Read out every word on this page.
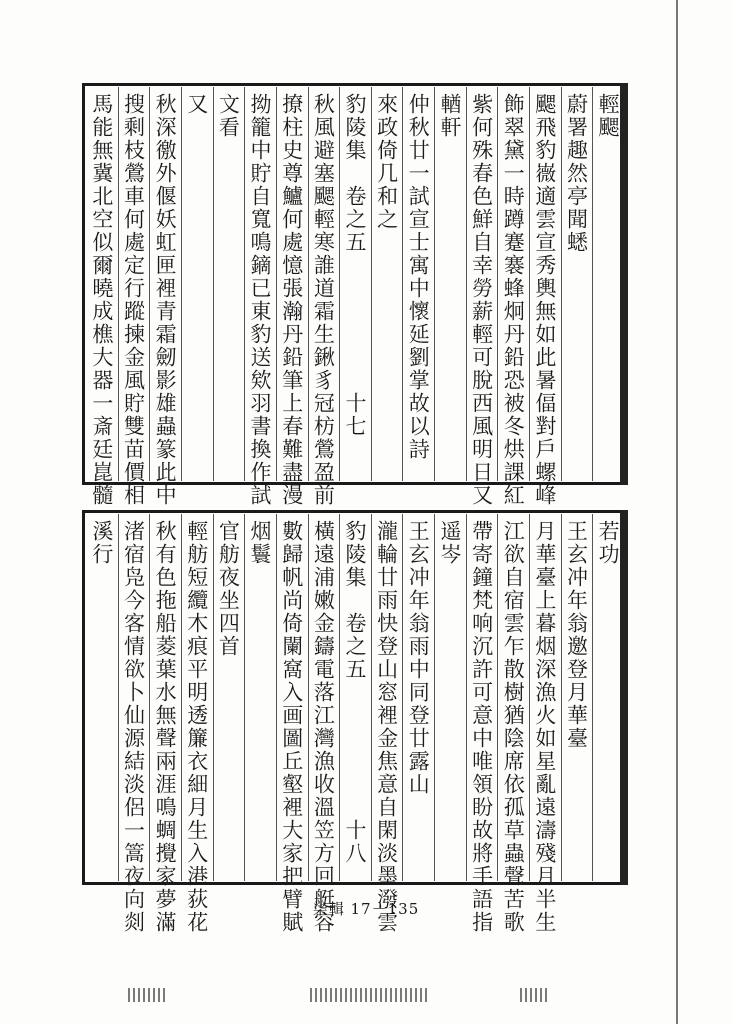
輕颸
蔚署趣然亭聞蟋
颸飛豹嶶適雲宣秀輿無如此暑偪對戶螺峰
飾翠黛一時蹲蹇褰蜂炯丹鉛恐被冬烘課紅
紫何殊春色鮮自幸勞薪輕可脫西風明日又
輶軒
仲秋廿一試宣士寓中懷延劉掌故以詩
來政倚几和之
豹陵集　卷之五　　　　　　十七
秋風避塞颸輕寒誰道霜生鍬豸冠枋鶯盈前
撩柱史尊鱸何處憶張瀚丹鉛筆上春難盡漫
拗籠中貯自寬鳴鏑已東豹送欸羽書換作試
文看
又
秋深徼外偃妖虹匣裡青霜劒影雄蟲篆此中
搜剩枝鶯車何處定行蹤揀金風貯雙苗價相
馬能無冀北空似爾曉成樵大器一斎廷崑髓
若功
王玄冲年翁邀登月華臺
月華臺上暮烟深漁火如星亂遠濤殘月半生
江欲自宿雲乍散樹猶陰席依孤草蟲聲苦歌
帶寄鐘梵响沉許可意中唯領盼故將手語指
遥岑
王玄冲年翁雨中同登廿露山
瀧輪廿雨快登山窓裡金焦意自閑淡墨潑雲
豹陵集　卷之五　　　　　　十八
橫遠浦嫩金鑄電落江灣漁收溫笠方回艇容
數歸帆尚倚闌窩入画圖丘壑裡大家把臂賦
烟鬟
官舫夜坐四首
輕舫短纜木痕平明透簾衣細月生入港荻花
秋有色拖船菱葉水無聲兩涯鳴蜩攪家夢滿
渚宿凫今客情欲卜仙源結淡侶一篙夜向剡
溪行
柒輯 17－135
